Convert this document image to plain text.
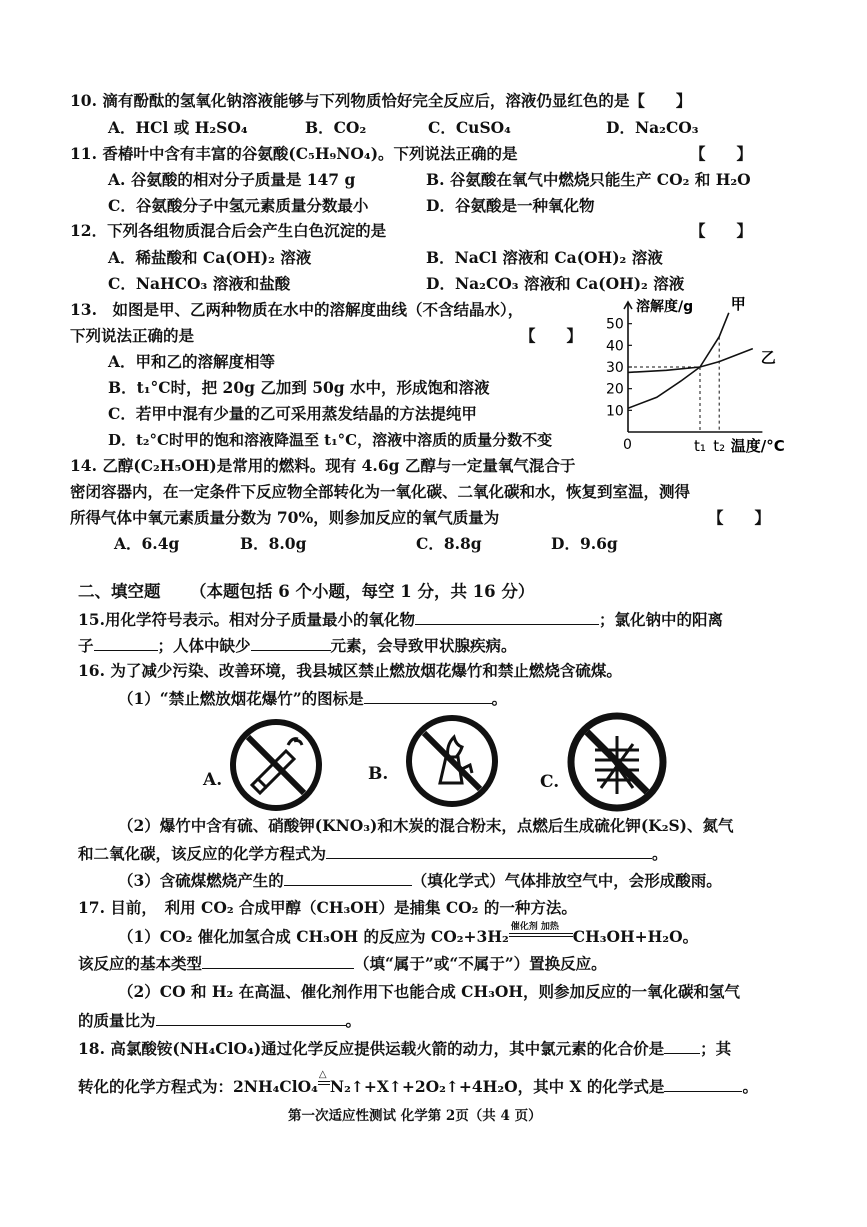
10. 滴有酚酞的氢氧化钠溶液能够与下列物质恰好完全反应后，溶液仍显红色的是【　　】
A．HCl 或 H₂SO₄	B．CO₂	C．CuSO₄	D．Na₂CO₃
11. 香椿叶中含有丰富的谷氨酸(C₅H₉NO₄)。下列说法正确的是	【　　】
A. 谷氨酸的相对分子质量是 147 g	B. 谷氨酸在氧气中燃烧只能生产 CO₂ 和 H₂O
C．谷氨酸分子中氢元素质量分数最小	D．谷氨酸是一种氧化物
12．下列各组物质混合后会产生白色沉淀的是	【　　】
A．稀盐酸和 Ca(OH)₂ 溶液	B．NaCl 溶液和 Ca(OH)₂ 溶液
C．NaHCO₃ 溶液和盐酸	D．Na₂CO₃ 溶液和 Ca(OH)₂ 溶液
13.　如图是甲、乙两种物质在水中的溶解度曲线（不含结晶水），
下列说法正确的是	【　　】
A．甲和乙的溶解度相等
B．t₁°C时，把 20g 乙加到 50g 水中，形成饱和溶液
C．若甲中混有少量的乙可采用蒸发结晶的方法提纯甲
D．t₂°C时甲的饱和溶液降温至 t₁°C，溶液中溶质的质量分数不变
溶解度/g
10
20
30
40
50
0
甲
乙
t₁ t₂ 温度/°C
14. 乙醇(C₂H₅OH)是常用的燃料。现有 4.6g 乙醇与一定量氧气混合于
密闭容器内，在一定条件下反应物全部转化为一氧化碳、二氧化碳和水，恢复到室温，测得
所得气体中氧元素质量分数为 70%，则参加反应的氧气质量为	【　　】
A．6.4g	B．8.0g	C．8.8g	D．9.6g
二、填空题 （本题包括 6 个小题，每空 1 分，共 16 分）
15.用化学符号表示。相对分子质量最小的氧化物	；氯化钠中的阳离
子	；人体中缺少	元素，会导致甲状腺疾病。
16. 为了减少污染、改善环境，我县城区禁止燃放烟花爆竹和禁止燃烧含硫煤。
（1）“禁止燃放烟花爆竹”的图标是	。
A.	B.	C.
（2）爆竹中含有硫、硝酸钾(KNO₃)和木炭的混合粉末，点燃后生成硫化钾(K₂S)、氮气
和二氧化碳，该反应的化学方程式为	。
（3）含硫煤燃烧产生的	（填化学式）气体排放空气中，会形成酸雨。
17. 目前，　利用 CO₂ 合成甲醇（CH₃OH）是捕集 CO₂ 的一种方法。
（1）CO₂ 催化加氢合成 CH₃OH 的反应为 CO₂+3H₂ 催化剂 加热 CH₃OH+H₂O。
该反应的基本类型	（填“属于”或“不属于”）置换反应。
（2）CO 和 H₂ 在高温、催化剂作用下也能合成 CH₃OH，则参加反应的一氧化碳和氢气
的质量比为	。
18. 高氯酸铵(NH₄ClO₄)通过化学反应提供运载火箭的动力，其中氯元素的化合价是 ；其
转化的化学方程式为：2NH₄ClO₄
△
N₂↑+X↑+2O₂↑+4H₂O，其中 X 的化学式是	。
第一次适应性测试 化学第 2页（共 4 页）
